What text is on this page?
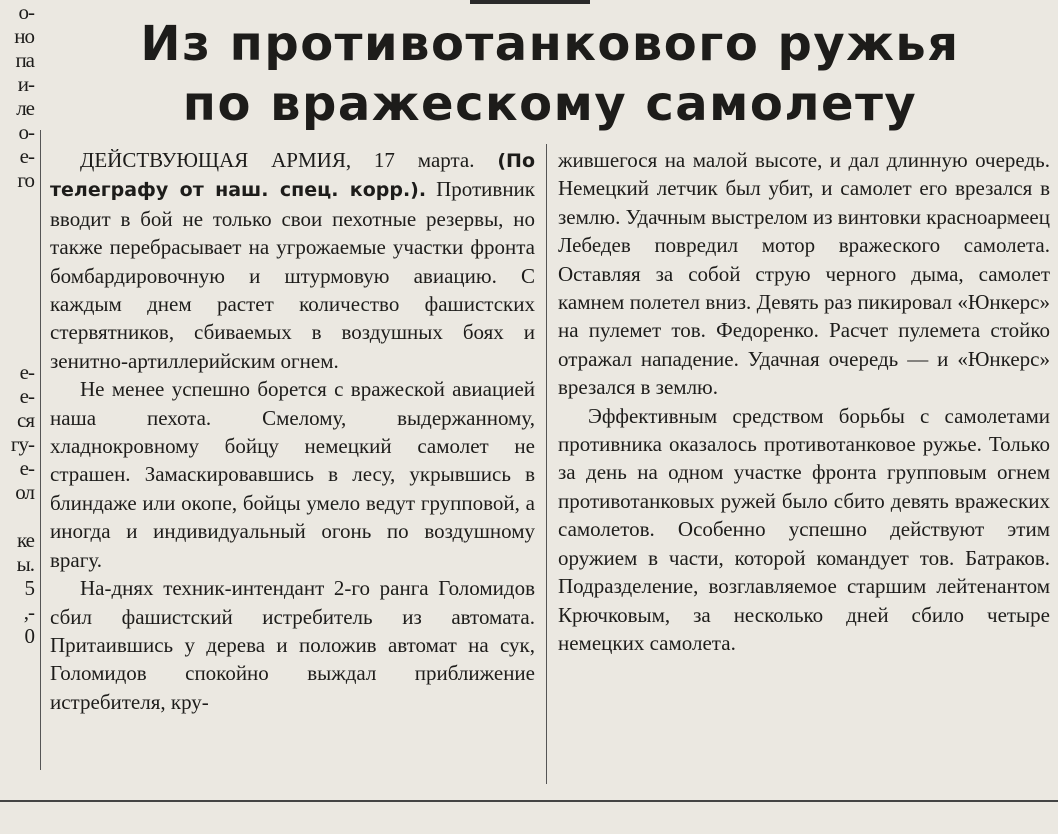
о-
но
па
и-
ле
о-
е-
го

е-
е-
ся
гу-
е-
ол

ке
ы.
5
,-
0
Из противотанкового ружья
по вражескому самолету

ДЕЙСТВУЮЩАЯ АРМИЯ, 17 марта. (По телеграфу от наш. спец. корр.). Противник вводит в бой не только свои пехотные резервы, но также перебрасывает на угрожаемые участки фронта бомбардировочную и штурмовую авиацию. С каждым днем растет количество фашистских стервятников, сбиваемых в воздушных боях и зенитно-артиллерийским огнем.

Не менее успешно борется с вражеской авиацией наша пехота. Смелому, выдержанному, хладнокровному бойцу немецкий самолет не страшен. Замаскировавшись в лесу, укрывшись в блиндаже или окопе, бойцы умело ведут групповой, а иногда и индивидуальный огонь по воздушному врагу.

На-днях техник-интендант 2-го ранга Голомидов сбил фашистский истребитель из автомата. Притаившись у дерева и положив автомат на сук, Голомидов спокойно выждал приближение истребителя, кру-

жившегося на малой высоте, и дал длинную очередь. Немецкий летчик был убит, и самолет его врезался в землю. Удачным выстрелом из винтовки красноармеец Лебедев повредил мотор вражеского самолета. Оставляя за собой струю черного дыма, самолет камнем полетел вниз. Девять раз пикировал «Юнкерс» на пулемет тов. Федоренко. Расчет пулемета стойко отражал нападение. Удачная очередь — и «Юнкерс» врезался в землю.

Эффективным средством борьбы с самолетами противника оказалось противотанковое ружье. Только за день на одном участке фронта групповым огнем противотанковых ружей было сбито девять вражеских самолетов. Особенно успешно действуют этим оружием в части, которой командует тов. Батраков. Подразделение, возглавляемое старшим лейтенантом Крючковым, за несколько дней сбило четыре немецких самолета.
